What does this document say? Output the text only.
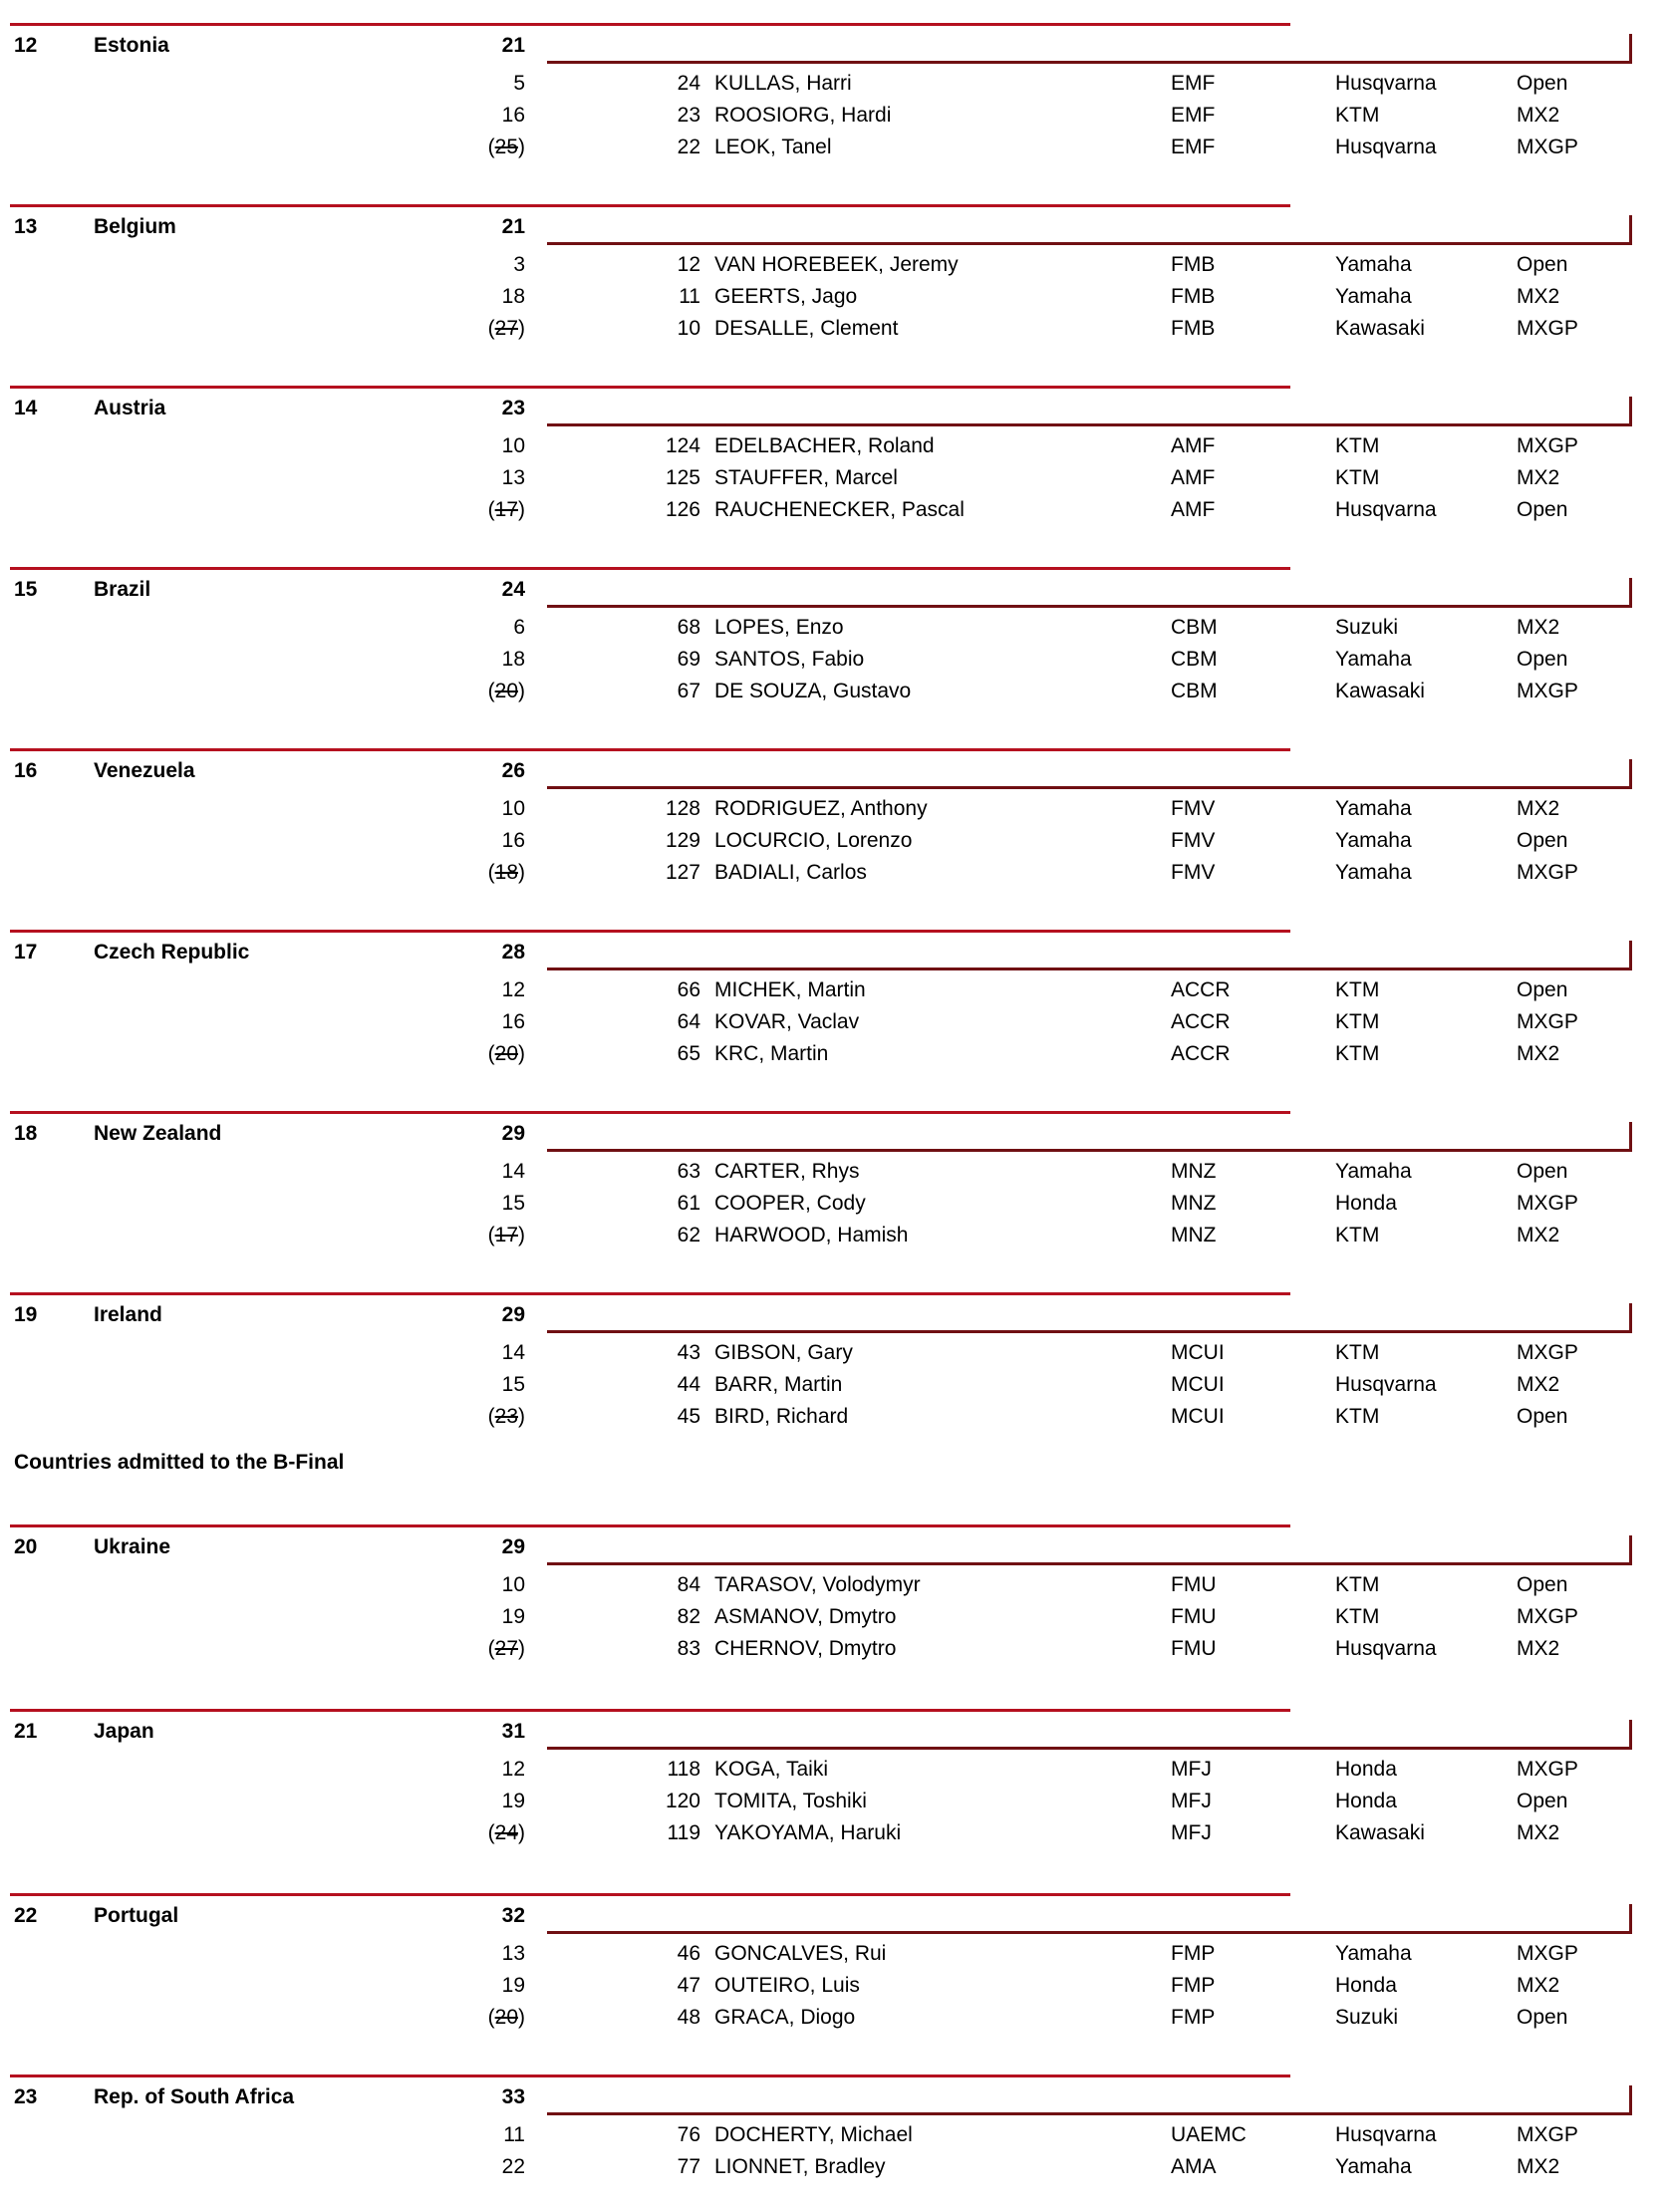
12	Estonia	21
5	24 KULLAS, Harri	EMF	Husqvarna	Open
16	23 ROOSIORG, Hardi	EMF	KTM	MX2
(25)	22 LEOK, Tanel	EMF	Husqvarna	MXGP
13	Belgium	21
3	12 VAN HOREBEEK, Jeremy	FMB	Yamaha	Open
18	11 GEERTS, Jago	FMB	Yamaha	MX2
(27)	10 DESALLE, Clement	FMB	Kawasaki	MXGP
14	Austria	23
10	124 EDELBACHER, Roland	AMF	KTM	MXGP
13	125 STAUFFER, Marcel	AMF	KTM	MX2
(17)	126 RAUCHENECKER, Pascal	AMF	Husqvarna	Open
15	Brazil	24
6	68 LOPES, Enzo	CBM	Suzuki	MX2
18	69 SANTOS, Fabio	CBM	Yamaha	Open
(20)	67 DE SOUZA, Gustavo	CBM	Kawasaki	MXGP
16	Venezuela	26
10	128 RODRIGUEZ, Anthony	FMV	Yamaha	MX2
16	129 LOCURCIO, Lorenzo	FMV	Yamaha	Open
(18)	127 BADIALI, Carlos	FMV	Yamaha	MXGP
17	Czech Republic	28
12	66 MICHEK, Martin	ACCR	KTM	Open
16	64 KOVAR, Vaclav	ACCR	KTM	MXGP
(20)	65 KRC, Martin	ACCR	KTM	MX2
18	New Zealand	29
14	63 CARTER, Rhys	MNZ	Yamaha	Open
15	61 COOPER, Cody	MNZ	Honda	MXGP
(17)	62 HARWOOD, Hamish	MNZ	KTM	MX2
19	Ireland	29
14	43 GIBSON, Gary	MCUI	KTM	MXGP
15	44 BARR, Martin	MCUI	Husqvarna	MX2
(23)	45 BIRD, Richard	MCUI	KTM	Open
20	Ukraine	29
10	84 TARASOV, Volodymyr	FMU	KTM	Open
19	82 ASMANOV, Dmytro	FMU	KTM	MXGP
(27)	83 CHERNOV, Dmytro	FMU	Husqvarna	MX2
21	Japan	31
12	118 KOGA, Taiki	MFJ	Honda	MXGP
19	120 TOMITA, Toshiki	MFJ	Honda	Open
(24)	119 YAKOYAMA, Haruki	MFJ	Kawasaki	MX2
22	Portugal	32
13	46 GONCALVES, Rui	FMP	Yamaha	MXGP
19	47 OUTEIRO, Luis	FMP	Honda	MX2
(20)	48 GRACA, Diogo	FMP	Suzuki	Open
23	Rep. of South Africa	33
11	76 DOCHERTY, Michael	UAEMC	Husqvarna	MXGP
22	77 LIONNET, Bradley	AMA	Yamaha	MX2
Countries admitted to the B-Final
